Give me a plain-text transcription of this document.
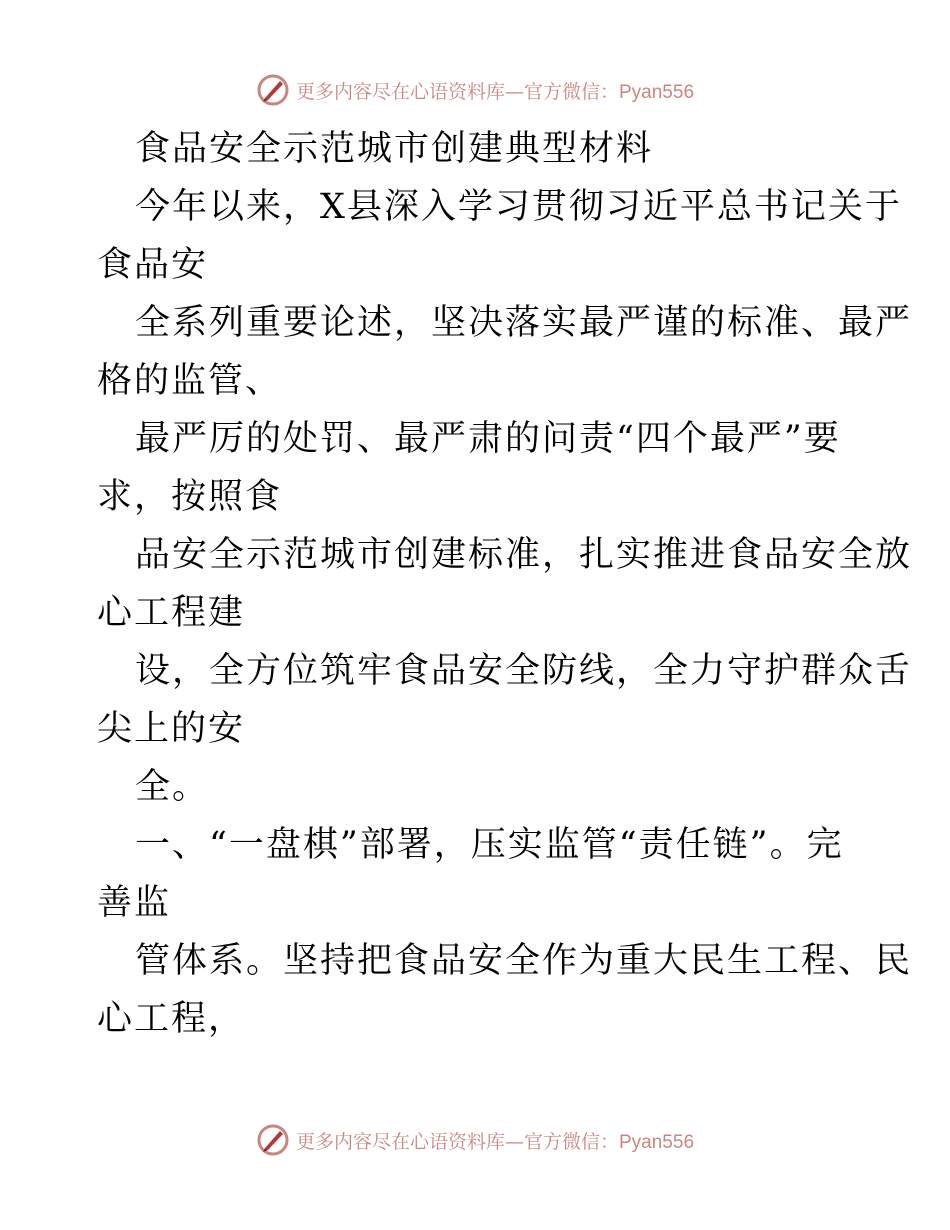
更多内容尽在心语资料库—官方微信：Pyan556
食品安全示范城市创建典型材料
今年以来，X县深入学习贯彻习近平总书记关于
食品安
全系列重要论述，坚决落实最严谨的标准、最严
格的监管、
最严厉的处罚、最严肃的问责“四个最严”要
求，按照食
品安全示范城市创建标准，扎实推进食品安全放
心工程建
设，全方位筑牢食品安全防线，全力守护群众舌
尖上的安
全。
一、“一盘棋”部署，压实监管“责任链”。完
善监
管体系。坚持把食品安全作为重大民生工程、民
心工程，
更多内容尽在心语资料库—官方微信：Pyan556
